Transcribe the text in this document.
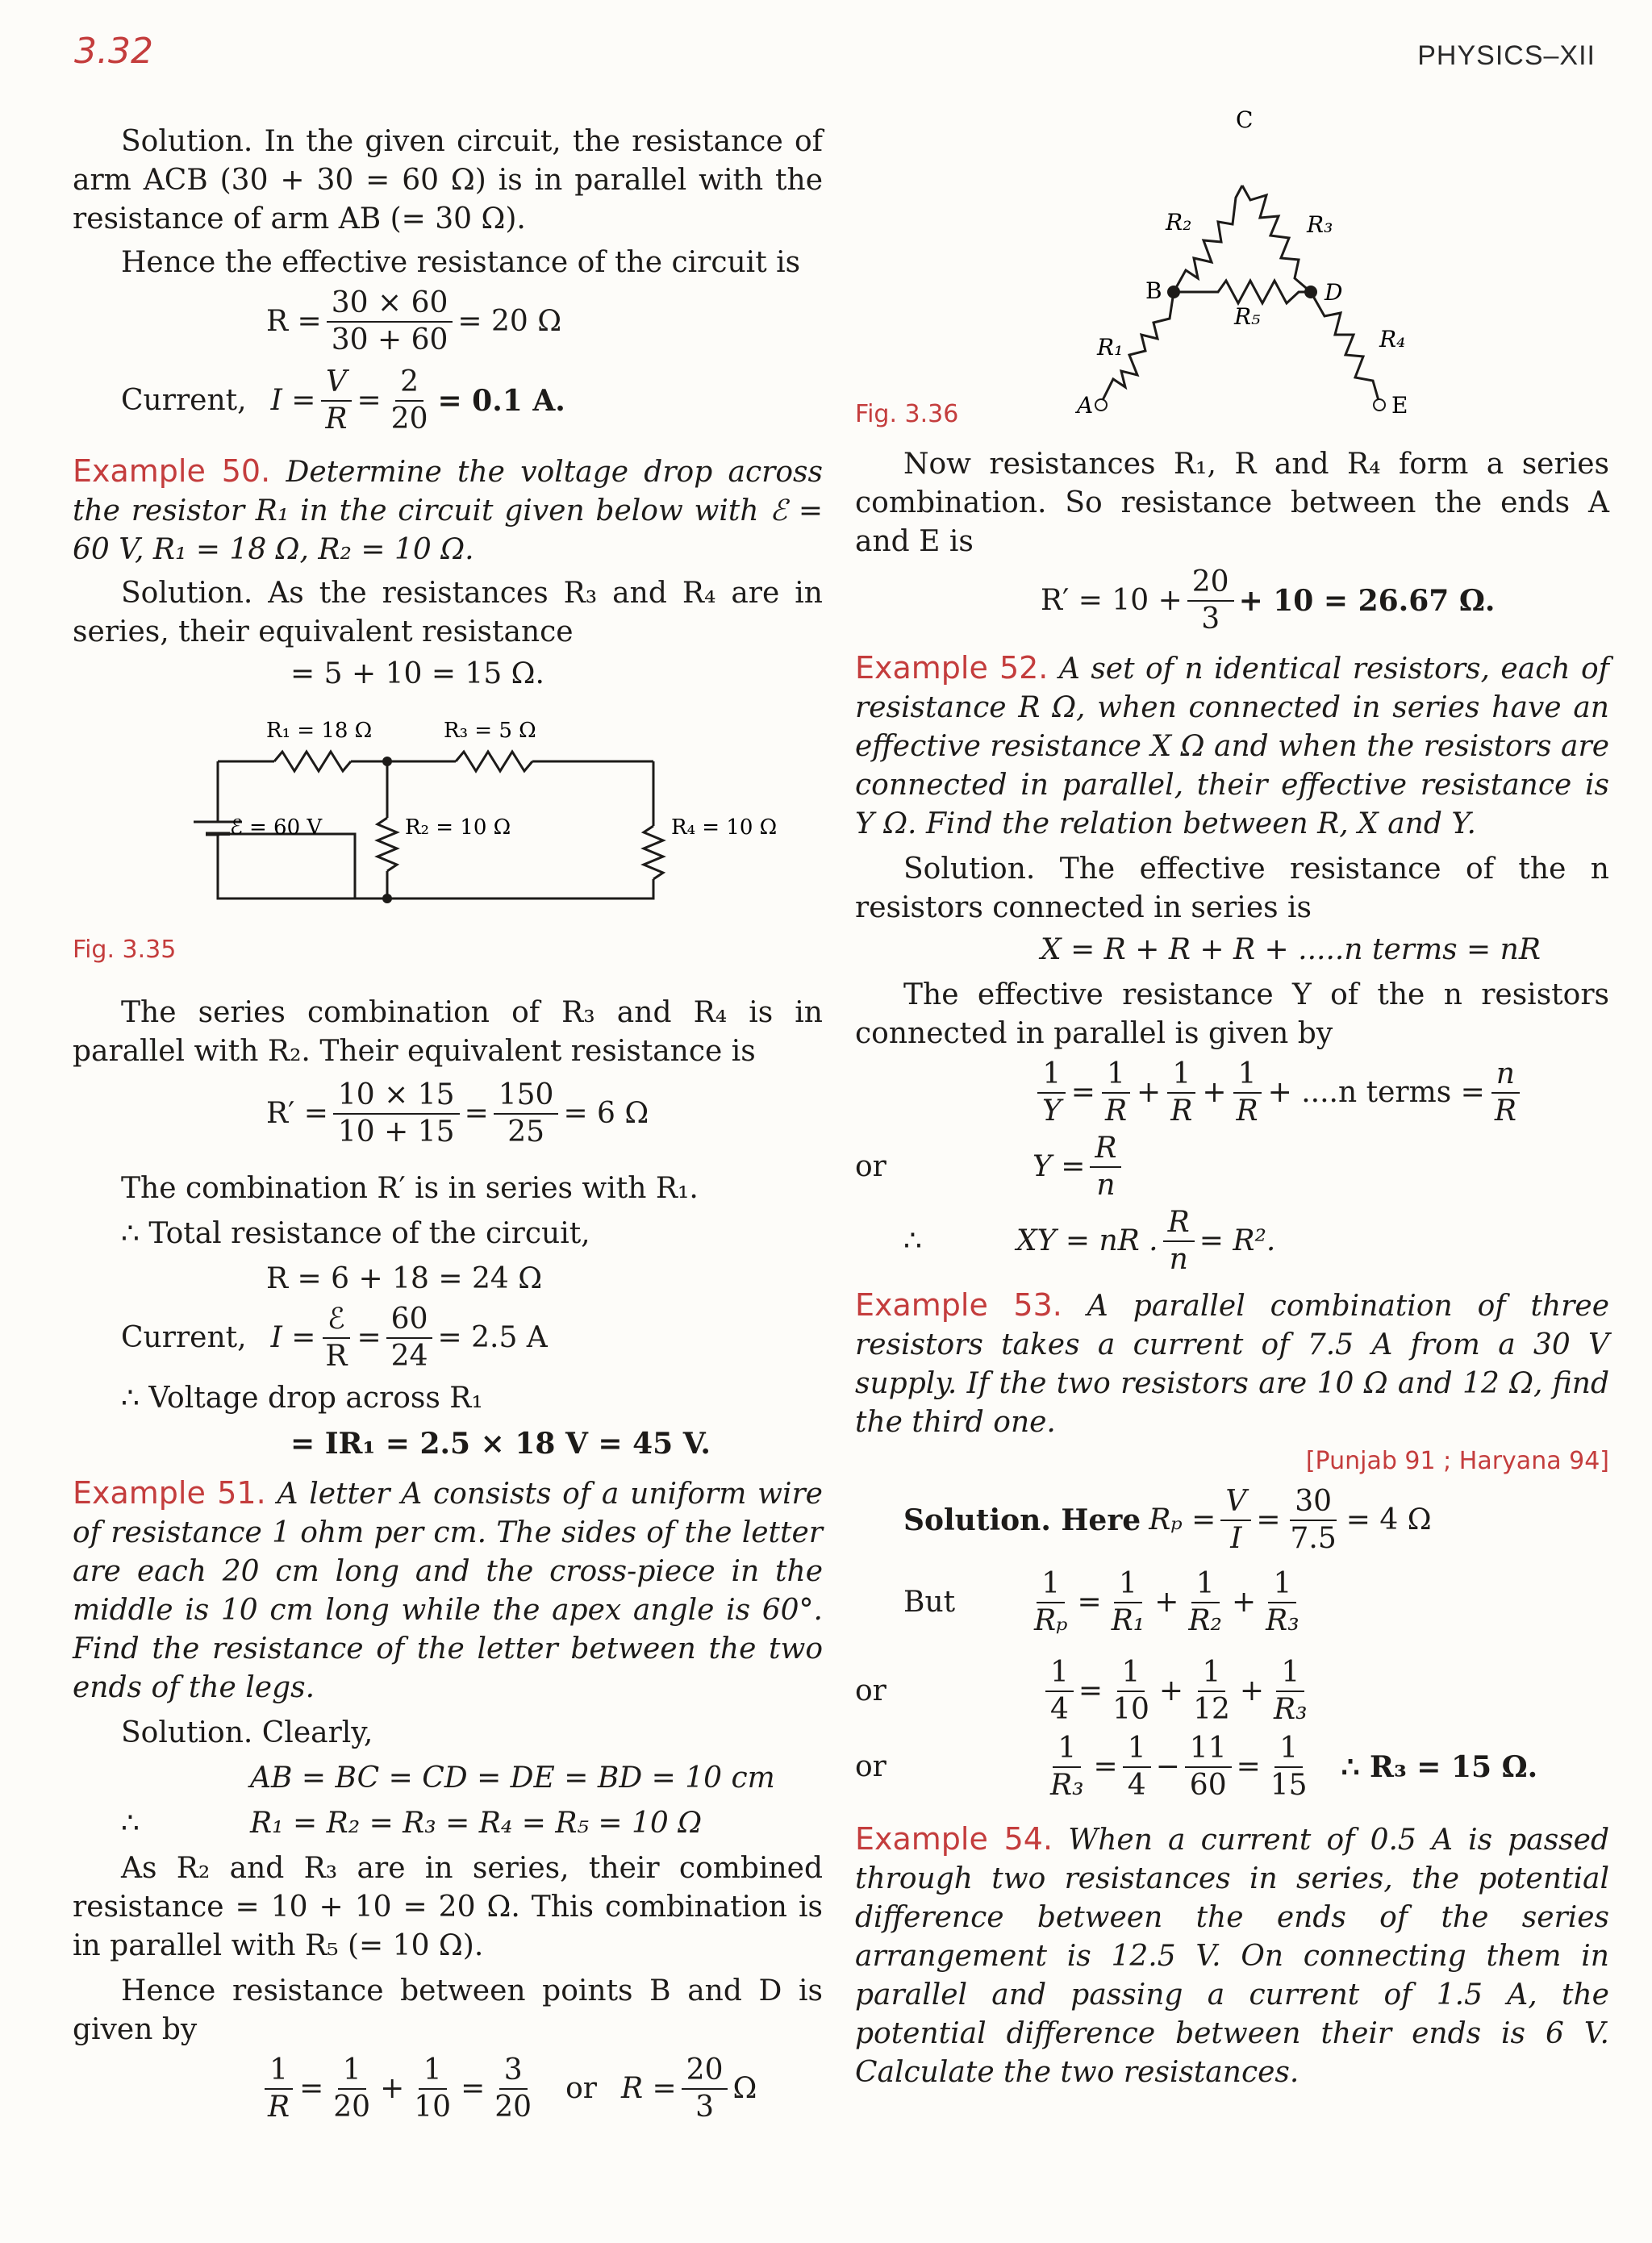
3.32	PHYSICS–XII

Solution. In the given circuit, the resistance of arm ACB (30 + 30 = 60 Ω) is in parallel with the resistance of arm AB (= 30 Ω).

Hence the effective resistance of the circuit is

$R = \frac{30 \times 60}{30 + 60} = 20$ Ω
Current, $I = \frac{V}{R} = \frac{2}{20} = 0.1$ A.

Example 50. Determine the voltage drop across the resistor R₁ in the circuit given below with ℰ = 60 V, R₁ = 18 Ω, R₂ = 10 Ω.

Solution. As the resistances R₃ and R₄ are in series, their equivalent resistance

= 5 + 10 = 15 Ω.

R₁ = 18 Ω	R₃ = 5 Ω
ℰ = 60 V	R₂ = 10 Ω	R₄ = 10 Ω

Fig. 3.35

The series combination of R₃ and R₄ is in parallel with R₂. Their equivalent resistance is

$R' = \frac{10 \times 15}{10 + 15} = \frac{150}{25} = 6$ Ω

The combination R′ is in series with R₁.

∴ Total resistance of the circuit,

R = 6 + 18 = 24 Ω

Current, $I = \frac{\text{ℰ}}{R} = \frac{60}{24} = 2.5$ A

∴ Voltage drop across R₁

= IR₁ = 2.5 × 18 V = 45 V.

Example 51. A letter A consists of a uniform wire of resistance 1 ohm per cm. The sides of the letter are each 20 cm long and the cross-piece in the middle is 10 cm long while the apex angle is 60°. Find the resistance of the letter between the two ends of the legs.

Solution. Clearly,

AB = BC = CD = DE = BD = 10 cm

∴	R₁ = R₂ = R₃ = R₄ = R₅ = 10 Ω

As R₂ and R₃ are in series, their combined resistance = 10 + 10 = 20 Ω. This combination is in parallel with R₅ (= 10 Ω).

Hence resistance between points B and D is given by

$\frac{1}{R} = \frac{1}{20} + \frac{1}{10} = \frac{3}{20}$ or $R = \frac{20}{3}$ Ω
C
B	D
A	E
R₁
R₂	R₃
R₄
R₅

Fig. 3.36

Now resistances R₁, R and R₄ form a series combination. So resistance between the ends A and E is

$R' = 10 + \frac{20}{3} + 10 = 26.67$ Ω.

Example 52. A set of n identical resistors, each of resistance R Ω, when connected in series have an effective resistance X Ω and when the resistors are connected in parallel, their effective resistance is Y Ω. Find the relation between R, X and Y.

Solution. The effective resistance of the n resistors connected in series is

X = R + R + R + .....n terms = nR

The effective resistance Y of the n resistors connected in parallel is given by

$\frac{1}{Y} = \frac{1}{R} + \frac{1}{R} + \frac{1}{R} + ....n$ terms = $\frac{n}{R}$
or	$Y = \frac{R}{n}$
∴	XY = nR . $\frac{R}{n} = R^2$.

Example 53. A parallel combination of three resistors takes a current of 7.5 A from a 30 V supply. If the two resistors are 10 Ω and 12 Ω, find the third one.

[Punjab 91 ; Haryana 94]

Solution. Here $R_p = \frac{V}{I} = \frac{30}{7.5} = 4$ Ω
But	$\frac{1}{\text{Rₚ}} = \frac{1}{\text{R₁}} + \frac{1}{\text{R₂}} + \frac{1}{\text{R₃}}$
or	$\frac{1}{4} = \frac{1}{10} + \frac{1}{12} + \frac{1}{\text{R₃}}$
or	$\frac{1}{\text{R₃}} = \frac{1}{4} - \frac{11}{60} = \frac{1}{15}$ ∴ R₃ = 15 Ω.

Example 54. When a current of 0.5 A is passed through two resistances in series, the potential difference between the ends of the series arrangement is 12.5 V. On connecting them in parallel and passing a current of 1.5 A, the potential difference between their ends is 6 V. Calculate the two resistances.
